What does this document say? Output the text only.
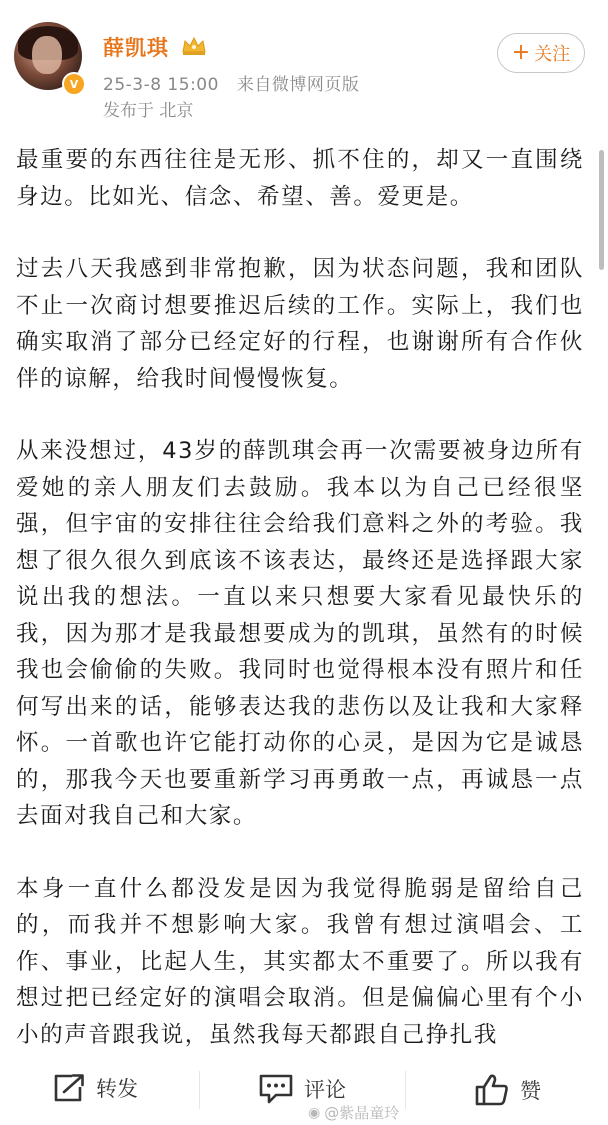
V
薛凯琪
25-3-8 15:00 来自微博网页版
发布于 北京
+ 关注

最重要的东西往往是无形、抓不住的，却又一直围绕身边。比如光、信念、希望、善。爱更是。

过去八天我感到非常抱歉，因为状态问题，我和团队不止一次商讨想要推迟后续的工作。实际上，我们也确实取消了部分已经定好的行程，也谢谢所有合作伙伴的谅解，给我时间慢慢恢复。

从来没想过，43岁的薛凯琪会再一次需要被身边所有爱她的亲人朋友们去鼓励。我本以为自己已经很坚强，但宇宙的安排往往会给我们意料之外的考验。我想了很久很久到底该不该表达，最终还是选择跟大家说出我的想法。一直以来只想要大家看见最快乐的我，因为那才是我最想要成为的凯琪，虽然有的时候我也会偷偷的失败。我同时也觉得根本没有照片和任何写出来的话，能够表达我的悲伤以及让我和大家释怀。一首歌也许它能打动你的心灵，是因为它是诚恳的，那我今天也要重新学习再勇敢一点，再诚恳一点去面对我自己和大家。

本身一直什么都没发是因为我觉得脆弱是留给自己的，而我并不想影响大家。我曾有想过演唱会、工作、事业，比起人生，其实都太不重要了。所以我有想过把已经定好的演唱会取消。但是偏偏心里有个小小的声音跟我说，虽然我每天都跟自己挣扎我

转发	评论	赞
◉ @紫晶童玲
